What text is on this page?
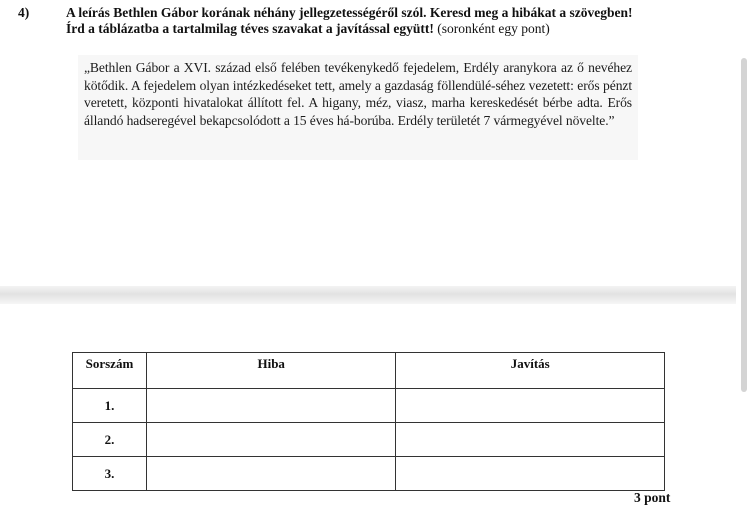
4)	A leírás Bethlen Gábor korának néhány jellegzetességéről szól. Keresd meg a hibákat a szövegben!
Írd a táblázatba a tartalmilag téves szavakat a javítással együtt! (soronként egy pont)

„Bethlen Gábor a XVI. század első felében tevékenykedő fejedelem, Erdély aranykora az ő nevéhez kötődik. A fejedelem olyan intézkedéseket tett, amely a gazdaság föllendülé-séhez vezetett: erős pénzt veretett, központi hivatalokat állított fel. A higany, méz, viasz, marha kereskedését bérbe adta. Erős állandó hadseregével bekapcsolódott a 15 éves há-borúba. Erdély területét 7 vármegyével növelte.”

Sorszám	Hiba	Javítás
1.		
2.		
3.		
3 pont
